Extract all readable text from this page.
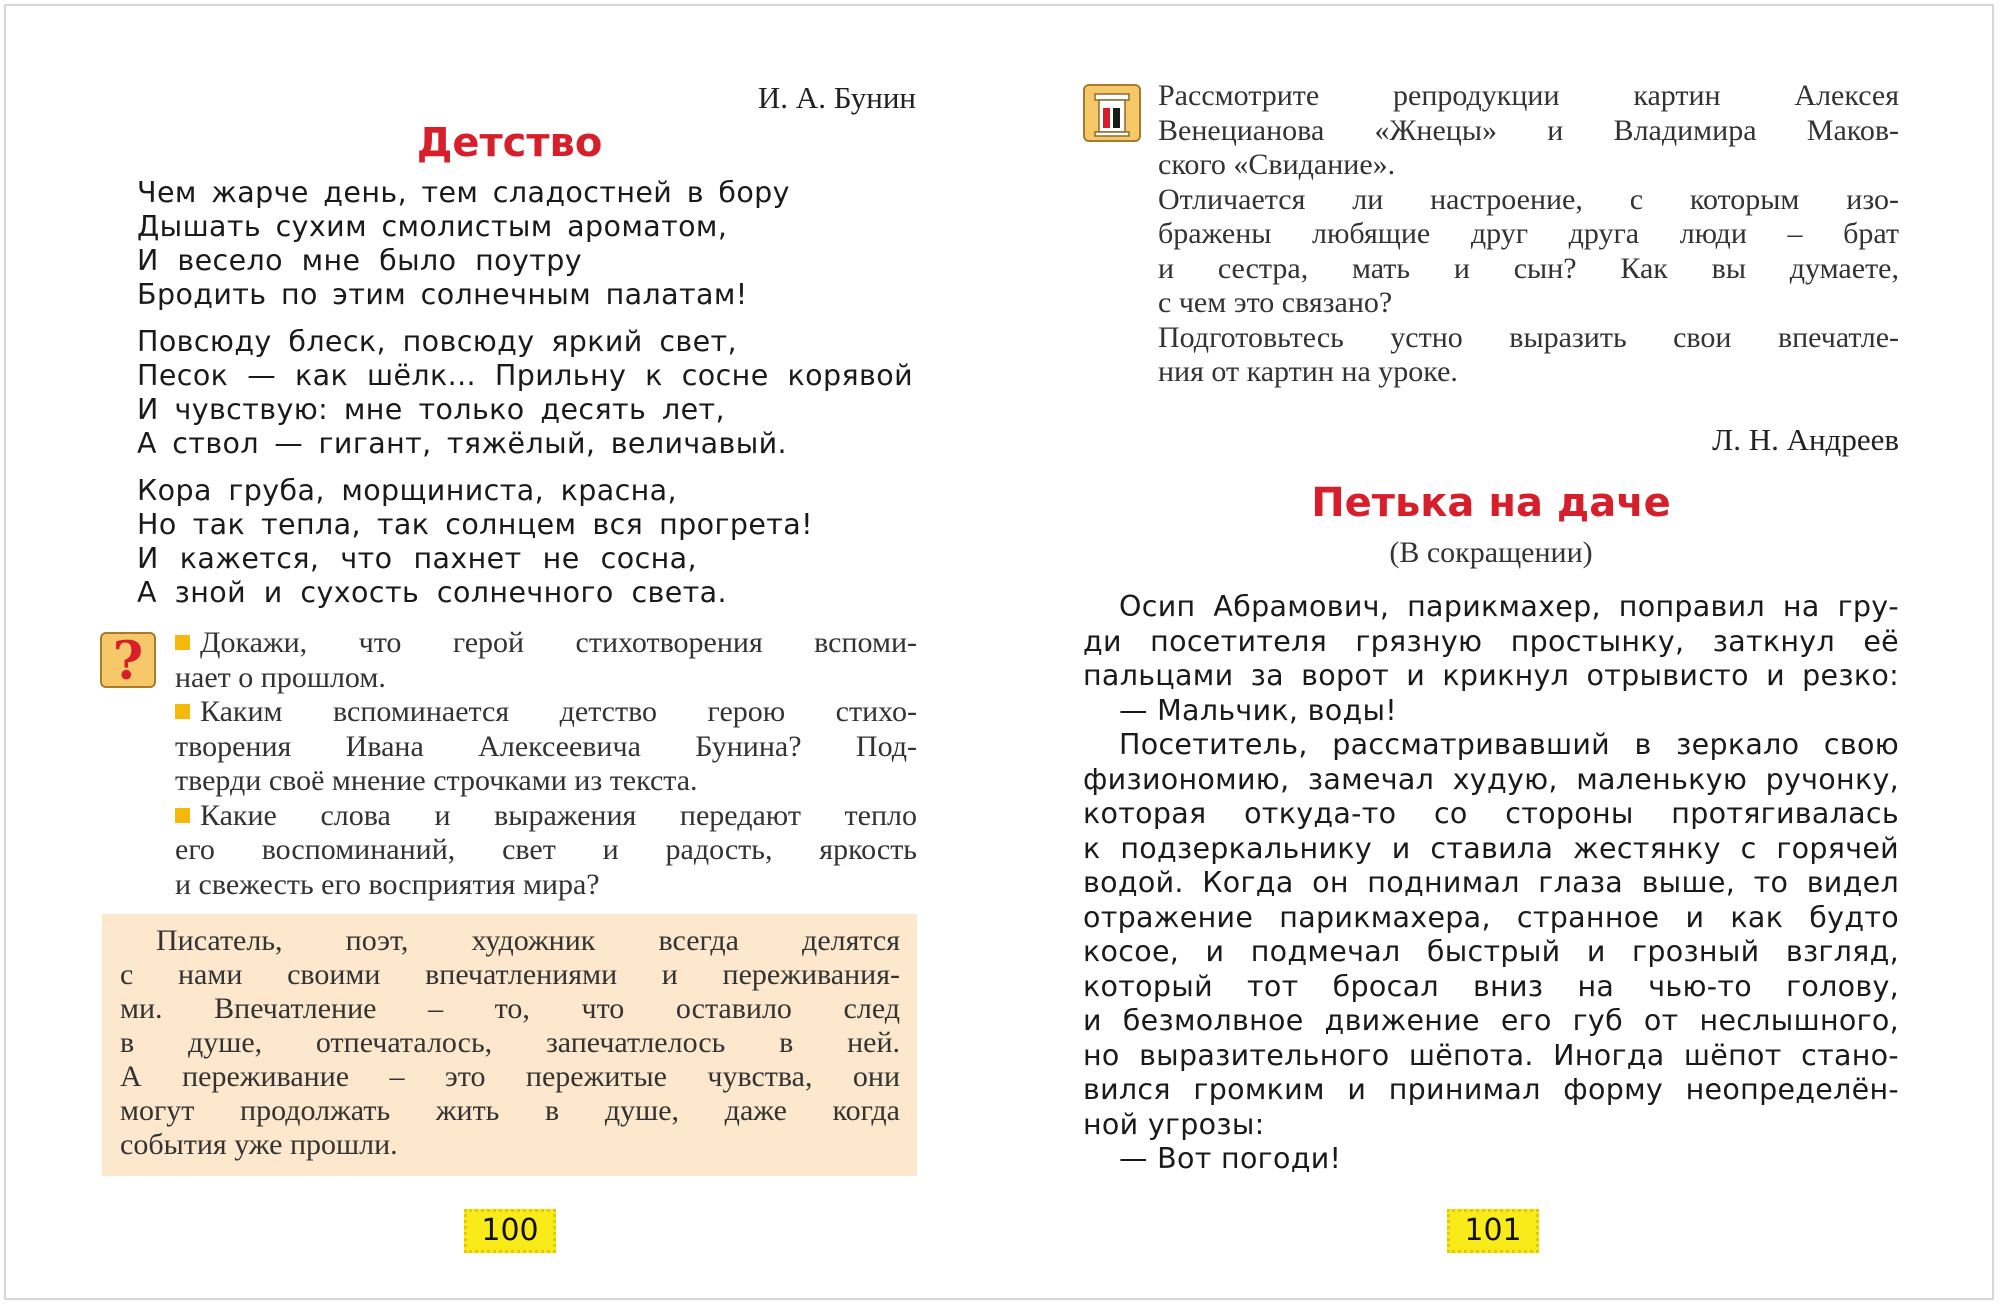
И. А. Бунин
Детство
Чем жарче день, тем сладостней в бору
Дышать сухим смолистым ароматом,
И весело мне было поутру
Бродить по этим солнечным палатам!
Повсюду блеск, повсюду яркий свет,
Песок — как шёлк... Прильну к сосне корявой
И чувствую: мне только десять лет,
А ствол — гигант, тяжёлый, величавый.
Кора груба, морщиниста, красна,
Но так тепла, так солнцем вся прогрета!
И кажется, что пахнет не сосна,
А зной и сухость солнечного света.
?	Докажи, что герой стихотворения вспоми-
нает о прошлом.
Каким вспоминается детство герою стихо-
творения Ивана Алексеевича Бунина? Под-
тверди своё мнение строчками из текста.
Какие слова и выражения передают тепло
его воспоминаний, свет и радость, яркость
и свежесть его восприятия мира?
Писатель, поэт, художник всегда делятся
с нами своими впечатлениями и переживания-
ми. Впечатление – то, что оставило след
в душе, отпечаталось, запечатлелось в ней.
А переживание – это пережитые чувства, они
могут продолжать жить в душе, даже когда
события уже прошли.
100
Рассмотрите репродукции картин Алексея
Венецианова «Жнецы» и Владимира Маков-
ского «Свидание».
Отличается ли настроение, с которым изо-
бражены любящие друг друга люди – брат
и сестра, мать и сын? Как вы думаете,
с чем это связано?
Подготовьтесь устно выразить свои впечатле-
ния от картин на уроке.
Л. Н. Андреев
Петька на даче
(В сокращении)
Осип Абрамович, парикмахер, поправил на гру-
ди посетителя грязную простынку, заткнул её
пальцами за ворот и крикнул отрывисто и резко:
— Мальчик, воды!
Посетитель, рассматривавший в зеркало свою
физиономию, замечал худую, маленькую ручонку,
которая откуда-то со стороны протягивалась
к подзеркальнику и ставила жестянку с горячей
водой. Когда он поднимал глаза выше, то видел
отражение парикмахера, странное и как будто
косое, и подмечал быстрый и грозный взгляд,
который тот бросал вниз на чью-то голову,
и безмолвное движение его губ от неслышного,
но выразительного шёпота. Иногда шёпот стано-
вился громким и принимал форму неопределён-
ной угрозы:
— Вот погоди!
101
